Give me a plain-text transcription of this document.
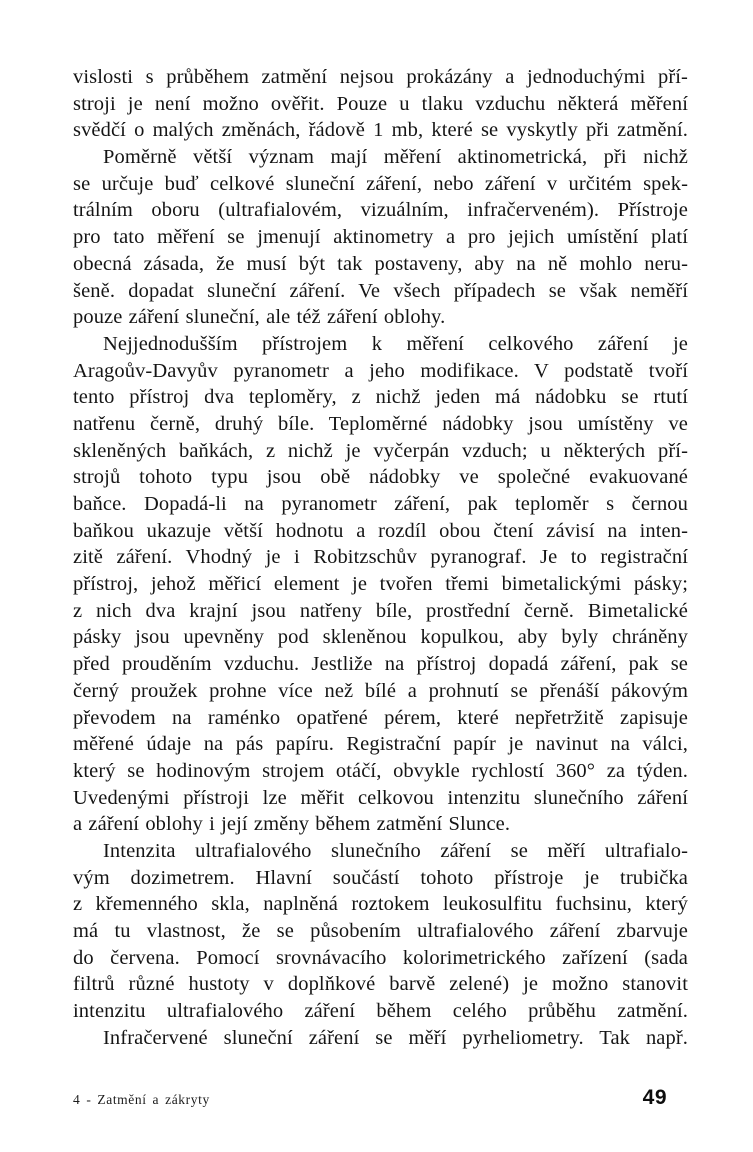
vislosti s průběhem zatmění nejsou prokázány a jednoduchými pří-
stroji je není možno ověřit. Pouze u tlaku vzduchu některá měření
svědčí o malých změnách, řádově 1 mb, které se vyskytly při zatmění.
Poměrně větší význam mají měření aktinometrická, při nichž
se určuje buď celkové sluneční záření, nebo záření v určitém spek-
trálním oboru (ultrafialovém, vizuálním, infračerveném). Přístroje
pro tato měření se jmenují aktinometry a pro jejich umístění platí
obecná zásada, že musí být tak postaveny, aby na ně mohlo neru-
šeně. dopadat sluneční záření. Ve všech případech se však neměří
pouze záření sluneční, ale též záření oblohy.
Nejjednodušším přístrojem k měření celkového záření je
Aragoův-Davyův pyranometr a jeho modifikace. V podstatě tvoří
tento přístroj dva teploměry, z nichž jeden má nádobku se rtutí
natřenu černě, druhý bíle. Teploměrné nádobky jsou umístěny ve
skleněných baňkách, z nichž je vyčerpán vzduch; u některých pří-
strojů tohoto typu jsou obě nádobky ve společné evakuované
baňce. Dopadá-li na pyranometr záření, pak teploměr s černou
baňkou ukazuje větší hodnotu a rozdíl obou čtení závisí na inten-
zitě záření. Vhodný je i Robitzschův pyranograf. Je to registrační
přístroj, jehož měřicí element je tvořen třemi bimetalickými pásky;
z nich dva krajní jsou natřeny bíle, prostřední černě. Bimetalické
pásky jsou upevněny pod skleněnou kopulkou, aby byly chráněny
před prouděním vzduchu. Jestliže na přístroj dopadá záření, pak se
černý proužek prohne více než bílé a prohnutí se přenáší pákovým
převodem na raménko opatřené pérem, které nepřetržitě zapisuje
měřené údaje na pás papíru. Registrační papír je navinut na válci,
který se hodinovým strojem otáčí, obvykle rychlostí 360° za týden.
Uvedenými přístroji lze měřit celkovou intenzitu slunečního záření
a záření oblohy i její změny během zatmění Slunce.
Intenzita ultrafialového slunečního záření se měří ultrafialo-
vým dozimetrem. Hlavní součástí tohoto přístroje je trubička
z křemenného skla, naplněná roztokem leukosulfitu fuchsinu, který
má tu vlastnost, že se působením ultrafialového záření zbarvuje
do červena. Pomocí srovnávacího kolorimetrického zařízení (sada
filtrů různé hustoty v doplňkové barvě zelené) je možno stanovit
intenzitu ultrafialového záření během celého průběhu zatmění.
Infračervené sluneční záření se měří pyrheliometry. Tak např.
4 - Zatmění a zákryty	49
